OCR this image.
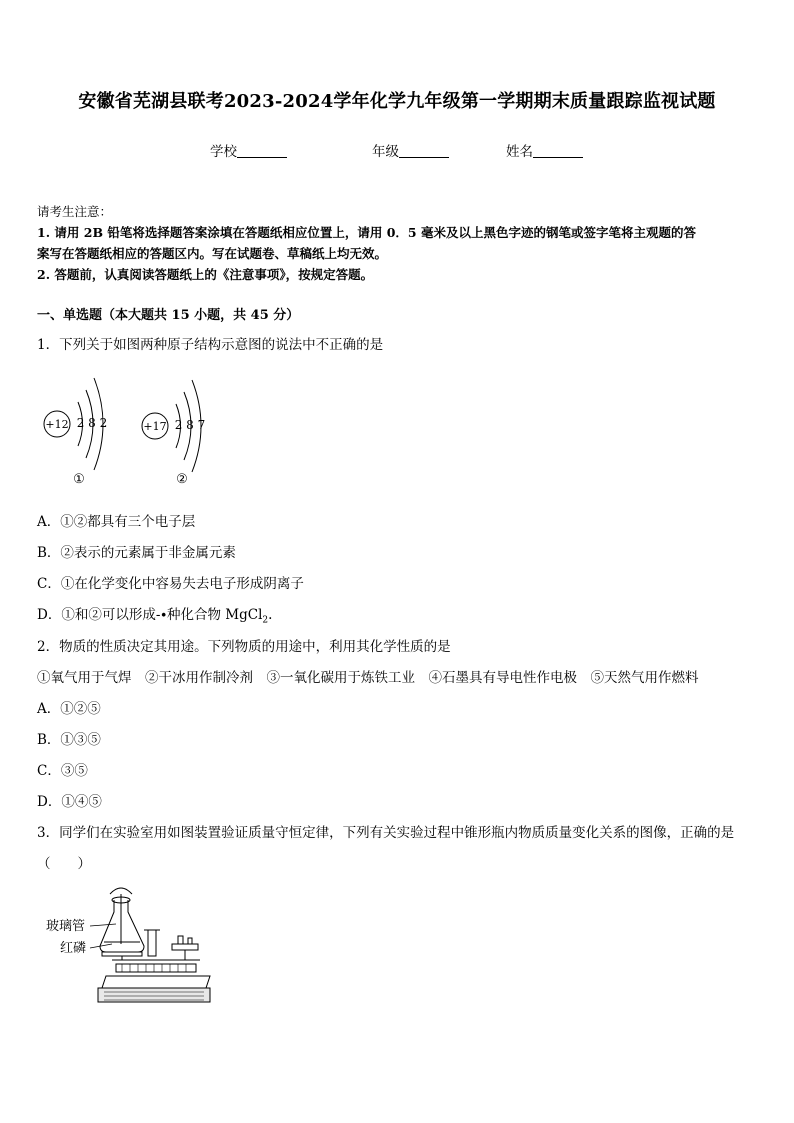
安徽省芜湖县联考2023-2024学年化学九年级第一学期期末质量跟踪监视试题
学校	年级	姓名
请考生注意：
1. 请用 2B 铅笔将选择题答案涂填在答题纸相应位置上，请用 0．5 毫米及以上黑色字迹的钢笔或签字笔将主观题的答
案写在答题纸相应的答题区内。写在试题卷、草稿纸上均无效。
2. 答题前，认真阅读答题纸上的《注意事项》，按规定答题。
一、单选题（本大题共 15 小题，共 45 分）
1．下列关于如图两种原子结构示意图的说法中不正确的是
+12 2 8 2
①
+17 2 8 7
②
A．①②都具有三个电子层
B．②表示的元素属于非金属元素
C．①在化学变化中容易失去电子形成阴离子
D．①和②可以形成-∙种化合物 MgCl$_2$.
2．物质的性质决定其用途。下列物质的用途中，利用其化学性质的是
①氧气用于气焊　②干冰用作制冷剂　③一氧化碳用于炼铁工业　④石墨具有导电性作电极　⑤天然气用作燃料
A．①②⑤
B．①③⑤
C．③⑤
D．①④⑤
3．同学们在实验室用如图装置验证质量守恒定律，下列有关实验过程中锥形瓶内物质质量变化关系的图像，正确的是
（　　）
玻璃管
红磷
